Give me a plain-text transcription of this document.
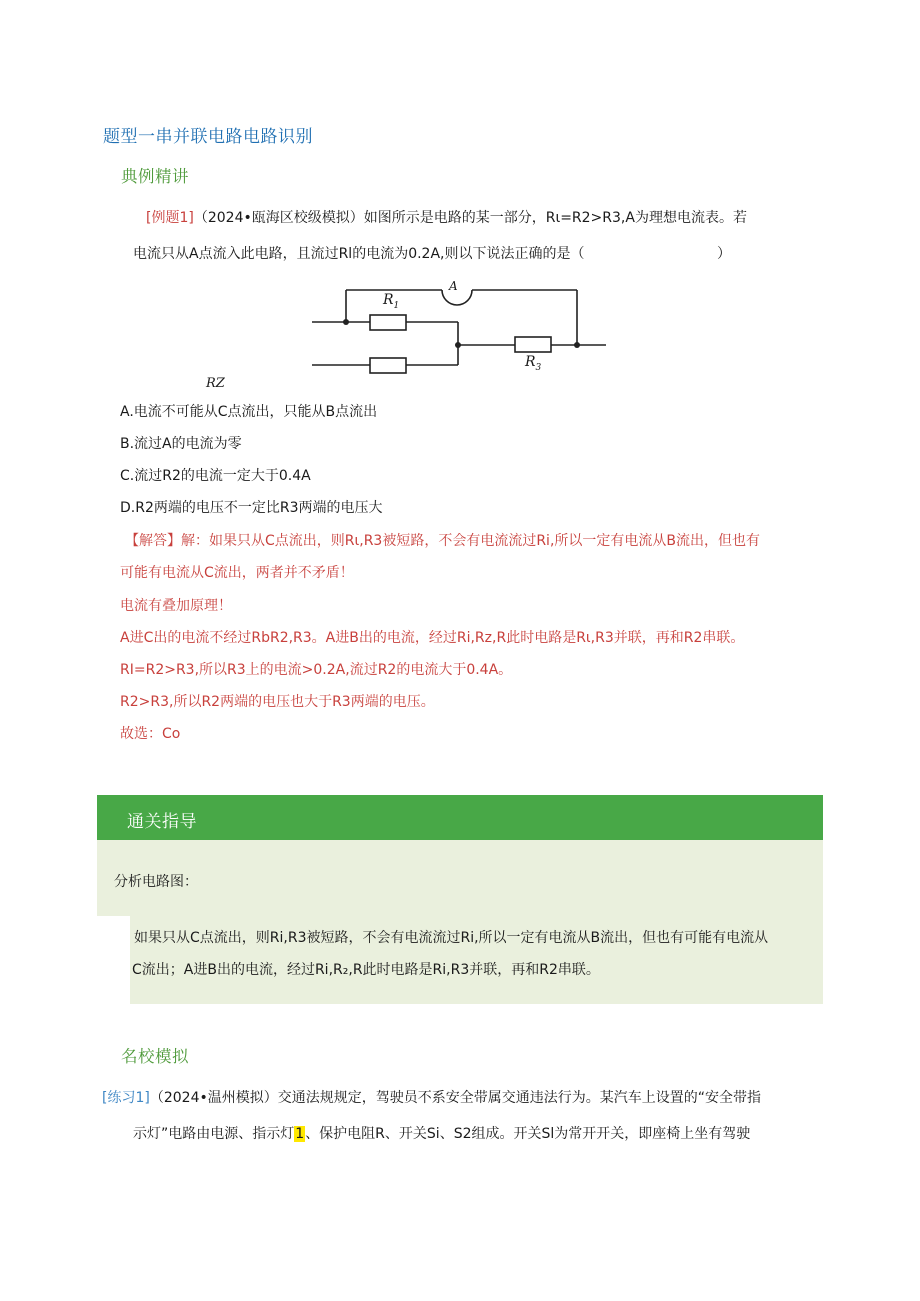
题型一串并联电路电路识别
典例精讲
[例题1]（2024•瓯海区校级模拟）如图所示是电路的某一部分，Rι=R2>R3,A为理想电流表。若
电流只从A点流入此电路，且流过Rl的电流为0.2A,则以下说法正确的是（	）
A
$R_1$
$R_3$
RZ
A.电流不可能从C点流出，只能从B点流出
B.流过A的电流为零
C.流过R2的电流一定大于0.4A
D.R2两端的电压不一定比R3两端的电压大
【解答】解：如果只从C点流出，则Rι,R3被短路，不会有电流流过Ri,所以一定有电流从B流出，但也有
可能有电流从C流出，两者并不矛盾！
电流有叠加原理！
A进C出的电流不经过RbR2,R3。A进B出的电流，经过Ri,Rz,R此时电路是Rι,R3并联，再和R2串联。
RI=R2>R3,所以R3上的电流>0.2A,流过R2的电流大于0.4A。
R2>R3,所以R2两端的电压也大于R3两端的电压。
故选：Co
通关指导
分析电路图：
如果只从C点流出，则Ri,R3被短路，不会有电流流过Ri,所以一定有电流从B流出，但也有可能有电流从
C流出；A进B出的电流，经过Ri,R₂,R此时电路是Ri,R3并联，再和R2串联。
名校模拟
[练习1]（2024•温州模拟）交通法规规定，驾驶员不系安全带属交通违法行为。某汽车上设置的“安全带指
示灯”电路由电源、指示灯1、保护电阻R、开关Si、S2组成。开关Sl为常开开关，即座椅上坐有驾驶
